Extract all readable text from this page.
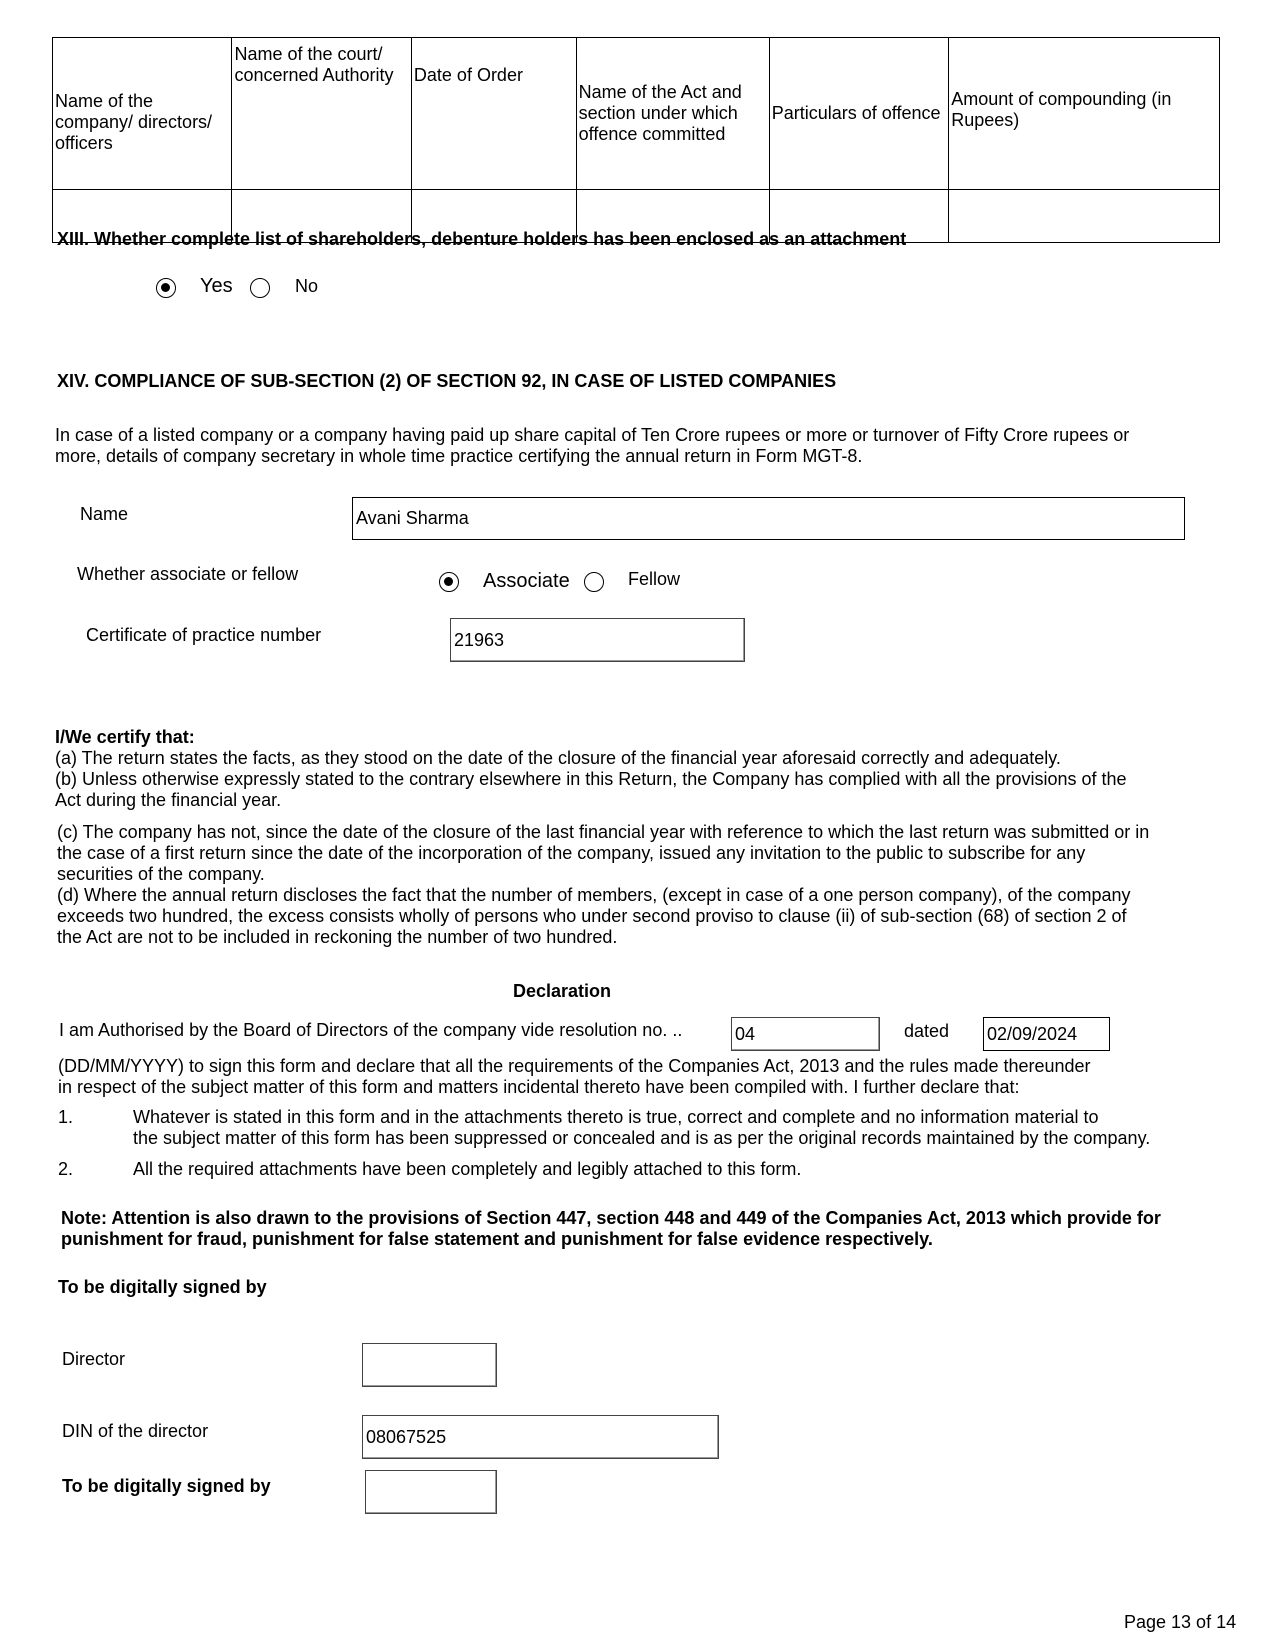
Name of the company/ directors/ officers	Name of the court/ concerned Authority	Date of Order	Name of the Act and section under which offence committed	Particulars of offence	Amount of compounding (in Rupees)

XIII. Whether complete list of shareholders, debenture holders has been enclosed as an attachment
Yes	No
XIV. COMPLIANCE OF SUB-SECTION (2) OF SECTION 92, IN CASE OF LISTED COMPANIES

In case of a listed company or a company having paid up share capital of Ten Crore rupees or more or turnover of Fifty Crore rupees or

more, details of company secretary in whole time practice certifying the annual return in Form MGT-8.

Name	Avani Sharma
Whether associate or fellow	Associate	Fellow
Certificate of practice number	21963
I/We certify that:

(a) The return states the facts, as they stood on the date of the closure of the financial year aforesaid correctly and adequately.

(b) Unless otherwise expressly stated to the contrary elsewhere in this Return, the Company has complied with all the provisions of the

Act during the financial year.

(c) The company has not, since the date of the closure of the last financial year with reference to which the last return was submitted or in

the case of a first return since the date of the incorporation of the company, issued any invitation to the public to subscribe for any

securities of the company.

(d) Where the annual return discloses the fact that the number of members, (except in case of a one person company), of the company

exceeds two hundred, the excess consists wholly of persons who under second proviso to clause (ii) of sub-section (68) of section 2 of

the Act are not to be included in reckoning the number of two hundred.

Declaration
I am Authorised by the Board of Directors of the company vide resolution no. ..	04	dated 02/09/2024

(DD/MM/YYYY) to sign this form and declare that all the requirements of the Companies Act, 2013 and the rules made thereunder

in respect of the subject matter of this form and matters incidental thereto have been compiled with. I further declare that:

1.	Whatever is stated in this form and in the attachments thereto is true, correct and complete and no information material to

the subject matter of this form has been suppressed or concealed and is as per the original records maintained by the company.

2.	All the required attachments have been completely and legibly attached to this form.

Note: Attention is also drawn to the provisions of Section 447, section 448 and 449 of the Companies Act, 2013 which provide for

punishment for fraud, punishment for false statement and punishment for false evidence respectively.

To be digitally signed by
Director
DIN of the director	08067525
To be digitally signed by
Page 13 of 14
